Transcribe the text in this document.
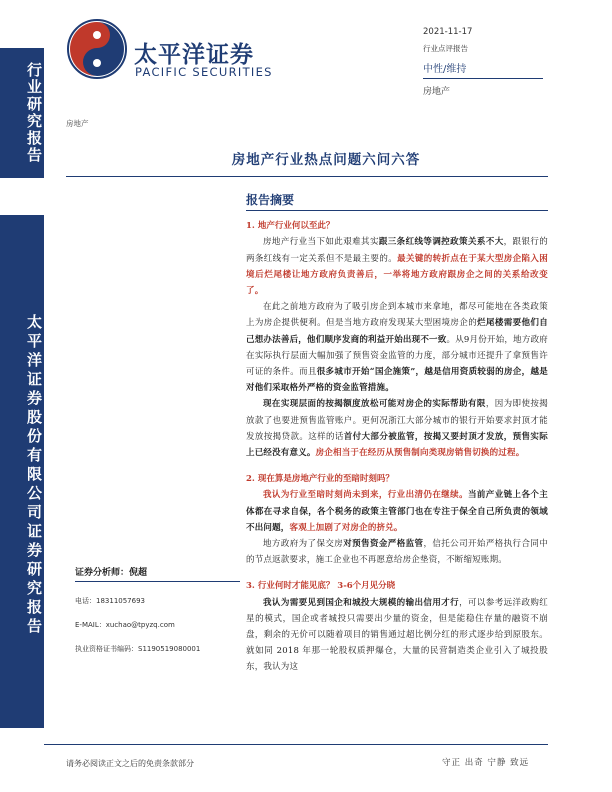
行业研究报告
太平洋证券股份有限公司证券研究报告
太平洋证券
PACIFIC SECURITIES
2021-11-17
行业点评报告
中性/维持
房地产
房地产
房地产行业热点问题六问六答
证券分析师：倪超
电话：18311057693
E-MAIL：xuchao@tpyzq.com
执业资格证书编码：S1190519080001
报告摘要
1. 地产行业何以至此？
房地产行业当下如此艰难其实跟三条红线等调控政策关系不大，跟银行的两条红线有一定关系但不是最主要的。最关键的转折点在于某大型房企陷入困境后烂尾楼让地方政府负责善后，一举将地方政府跟房企之间的关系给改变了。
在此之前地方政府为了吸引房企到本城市来拿地，都尽可能地在各类政策上为房企提供便利。但是当地方政府发现某大型困境房企的烂尾楼需要他们自己想办法善后，他们顺序发商的利益开始出现不一致。从9月份开始，地方政府在实际执行层面大幅加强了预售资金监管的力度，部分城市还提升了拿预售许可证的条件。而且很多城市开始“国企施策”，越是信用资质较弱的房企，越是对他们采取格外严格的资金监管措施。
现在实现层面的按揭额度放松可能对房企的实际帮助有限，因为即使按揭放款了也要进预售监管账户。更何况浙江大部分城市的银行开始要求封顶才能发放按揭贷款。这样的话首付大部分被监管，按揭又要封顶才发放，预售实际上已经没有意义。房企相当于在经历从预售制向类现房销售切换的过程。
2. 现在算是房地产行业的至暗时刻吗？
我认为行业至暗时刻尚未到来，行业出清仍在继续。当前产业链上各个主体都在寻求自保，各个税务的政策主管部门也在专注于保全自己所负责的领域不出问题，客观上加剧了对房企的挤兑。
地方政府为了保交房对预售资金严格监管，信托公司开始严格执行合同中的节点返款要求，施工企业也不再愿意给房企垫资，不断缩短账期。
3. 行业何时才能见底？ 3-6个月见分晓
我认为需要见到国企和城投大规模的输出信用才行，可以参考远洋政购红星的模式，国企或者城投只需要出少量的资金，但是能稳住存量的融资不崩盘，剩余的无价可以随着项目的销售通过超比例分红的形式逐步给到原股东。就如同 2018 年那一轮股权质押爆仓，大量的民营制造类企业引入了城投股东，我认为这
请务必阅读正文之后的免责条款部分	守正 出奇 宁静 致远
